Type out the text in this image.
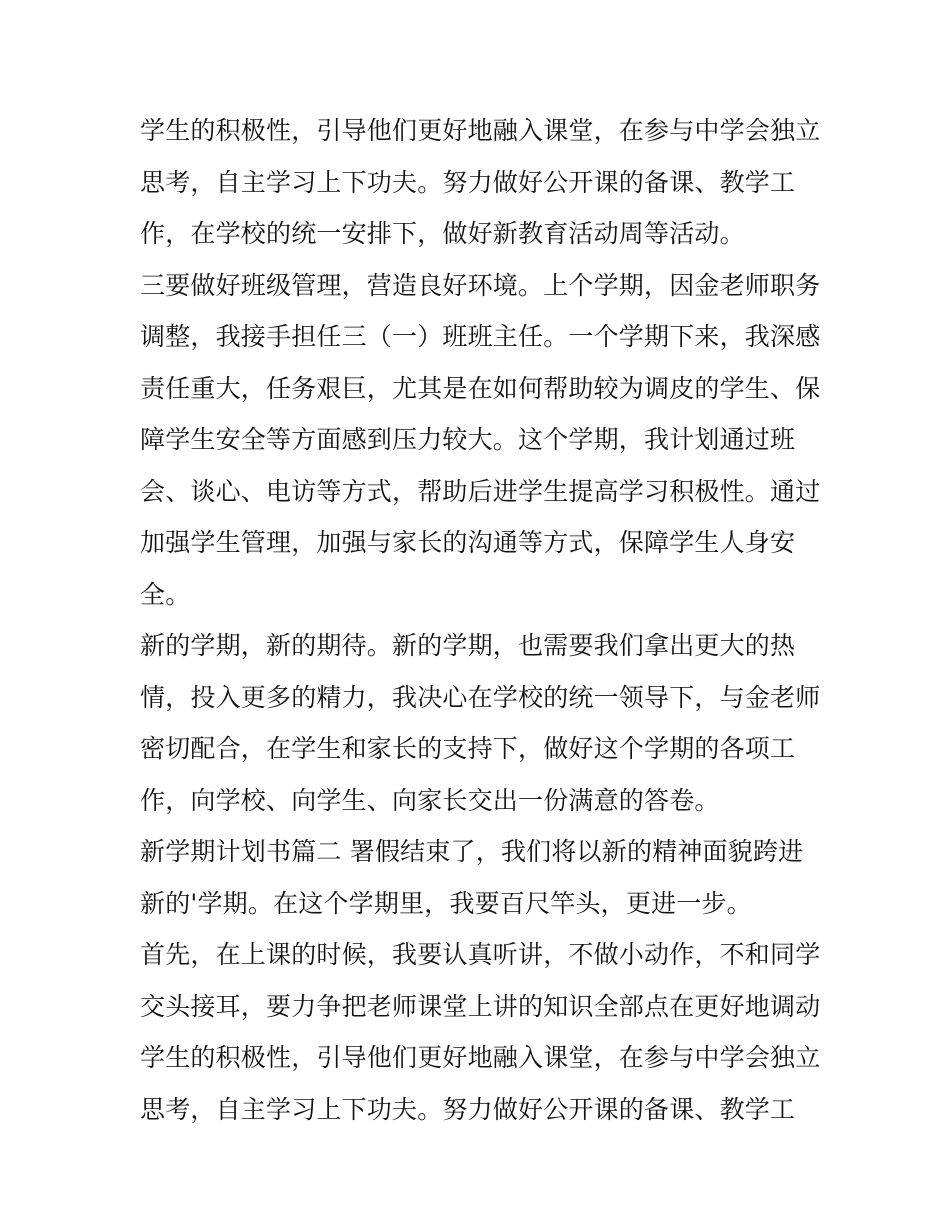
学生的积极性，引导他们更好地融入课堂，在参与中学会独立
思考，自主学习上下功夫。努力做好公开课的备课、教学工
作，在学校的统一安排下，做好新教育活动周等活动。
三要做好班级管理，营造良好环境。上个学期，因金老师职务
调整，我接手担任三（一）班班主任。一个学期下来，我深感
责任重大，任务艰巨，尤其是在如何帮助较为调皮的学生、保
障学生安全等方面感到压力较大。这个学期，我计划通过班
会、谈心、电访等方式，帮助后进学生提高学习积极性。通过
加强学生管理，加强与家长的沟通等方式，保障学生人身安
全。
新的学期，新的期待。新的学期，也需要我们拿出更大的热
情，投入更多的精力，我决心在学校的统一领导下，与金老师
密切配合，在学生和家长的支持下，做好这个学期的各项工
作，向学校、向学生、向家长交出一份满意的答卷。
新学期计划书篇二 署假结束了，我们将以新的精神面貌跨进
新的'学期。在这个学期里，我要百尺竿头，更进一步。
首先，在上课的时候，我要认真听讲，不做小动作，不和同学
交头接耳，要力争把老师课堂上讲的知识全部点在更好地调动
学生的积极性，引导他们更好地融入课堂，在参与中学会独立
思考，自主学习上下功夫。努力做好公开课的备课、教学工
